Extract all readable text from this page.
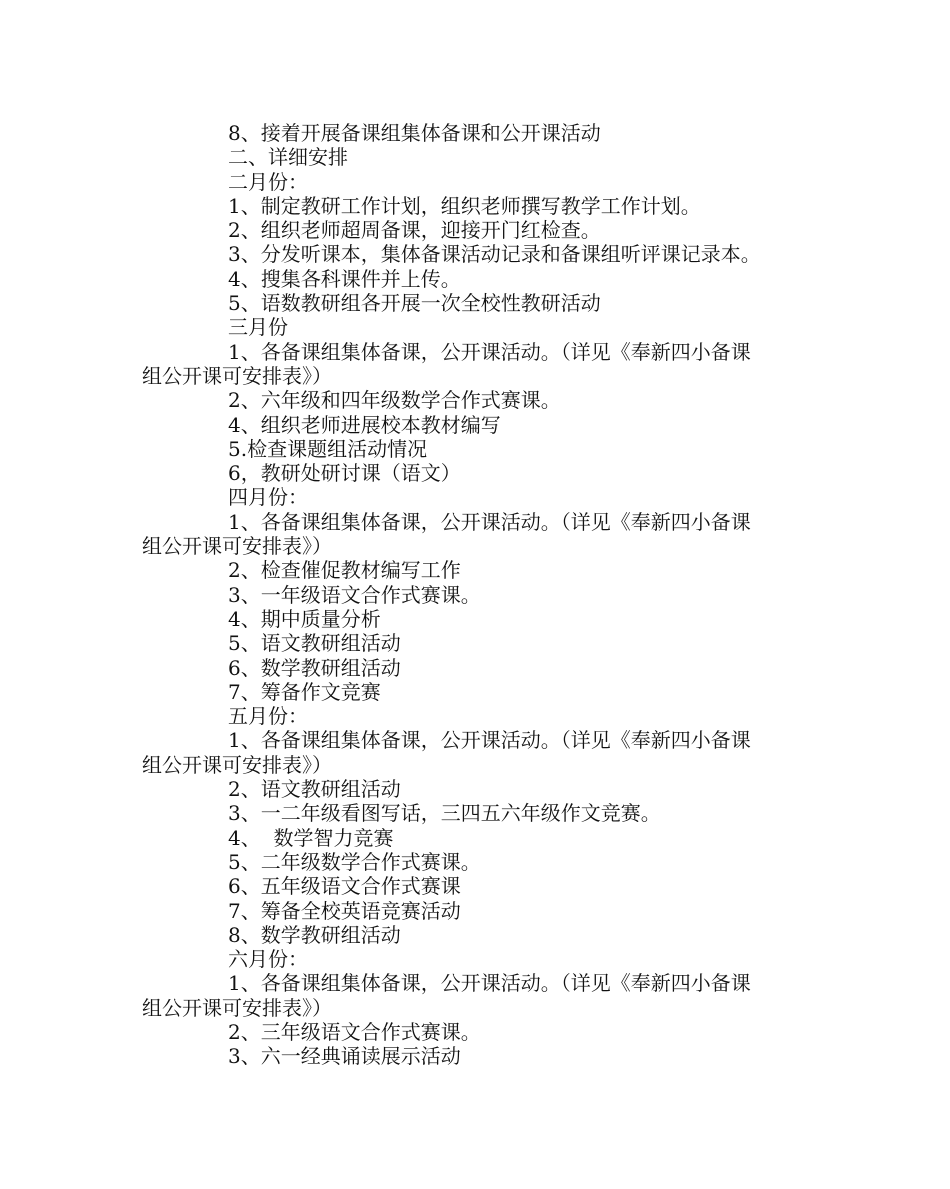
8、接着开展备课组集体备课和公开课活动

二、详细安排

二月份：

1、制定教研工作计划，组织老师撰写教学工作计划。

2、组织老师超周备课，迎接开门红检查。

3、分发听课本，集体备课活动记录和备课组听评课记录本。

4、搜集各科课件并上传。

5、语数教研组各开展一次全校性教研活动

三月份

1、各备课组集体备课，公开课活动。（详见《奉新四小备课

组公开课可安排表》）

2、六年级和四年级数学合作式赛课。

4、组织老师进展校本教材编写

5.检查课题组活动情况

6，教研处研讨课（语文）

四月份：

1、各备课组集体备课，公开课活动。（详见《奉新四小备课

组公开课可安排表》）

2、检查催促教材编写工作

3、一年级语文合作式赛课。

4、期中质量分析

5、语文教研组活动

6、数学教研组活动

7、筹备作文竞赛

五月份：

1、各备课组集体备课，公开课活动。（详见《奉新四小备课

组公开课可安排表》）

2、语文教研组活动

3、一二年级看图写话，三四五六年级作文竞赛。

4、  数学智力竞赛

5、二年级数学合作式赛课。

6、五年级语文合作式赛课

7、筹备全校英语竞赛活动

8、数学教研组活动

六月份：

1、各备课组集体备课，公开课活动。（详见《奉新四小备课

组公开课可安排表》）

2、三年级语文合作式赛课。

3、六一经典诵读展示活动
